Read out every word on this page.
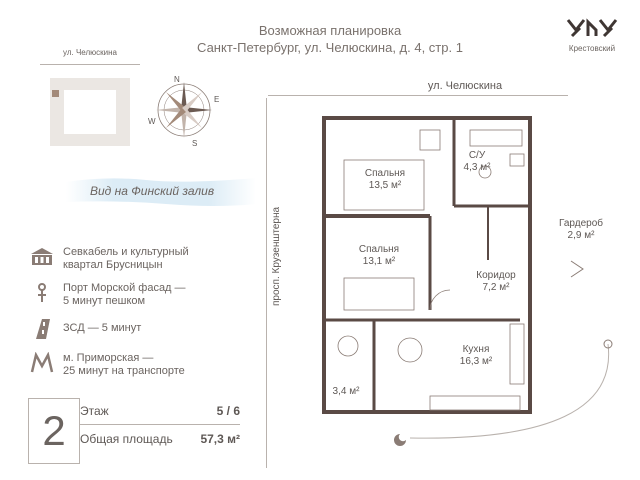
Возможная планировка
Санкт-Петербург, ул. Челюскина, д. 4, стр. 1	Крестовский
ул. Челюскина
N
E
S
W
Вид на Финский залив
ул. Челюскина
просп. Крузенштерна
Севкабель и культурный
квартал Брусницын
Порт Морской фасад —
5 минут пешком
ЗСД — 5 минут
м. Приморская —
25 минут на транспорте
2	Этаж	5 / 6
Общая площадь 57,3 м²
Спальня
13,5 м²
Спальня
13,1 м²
С/У
4,3 м²
Гардероб
2,9 м²
Коридор
7,2 м²
Кухня
16,3 м²
3,4 м²
